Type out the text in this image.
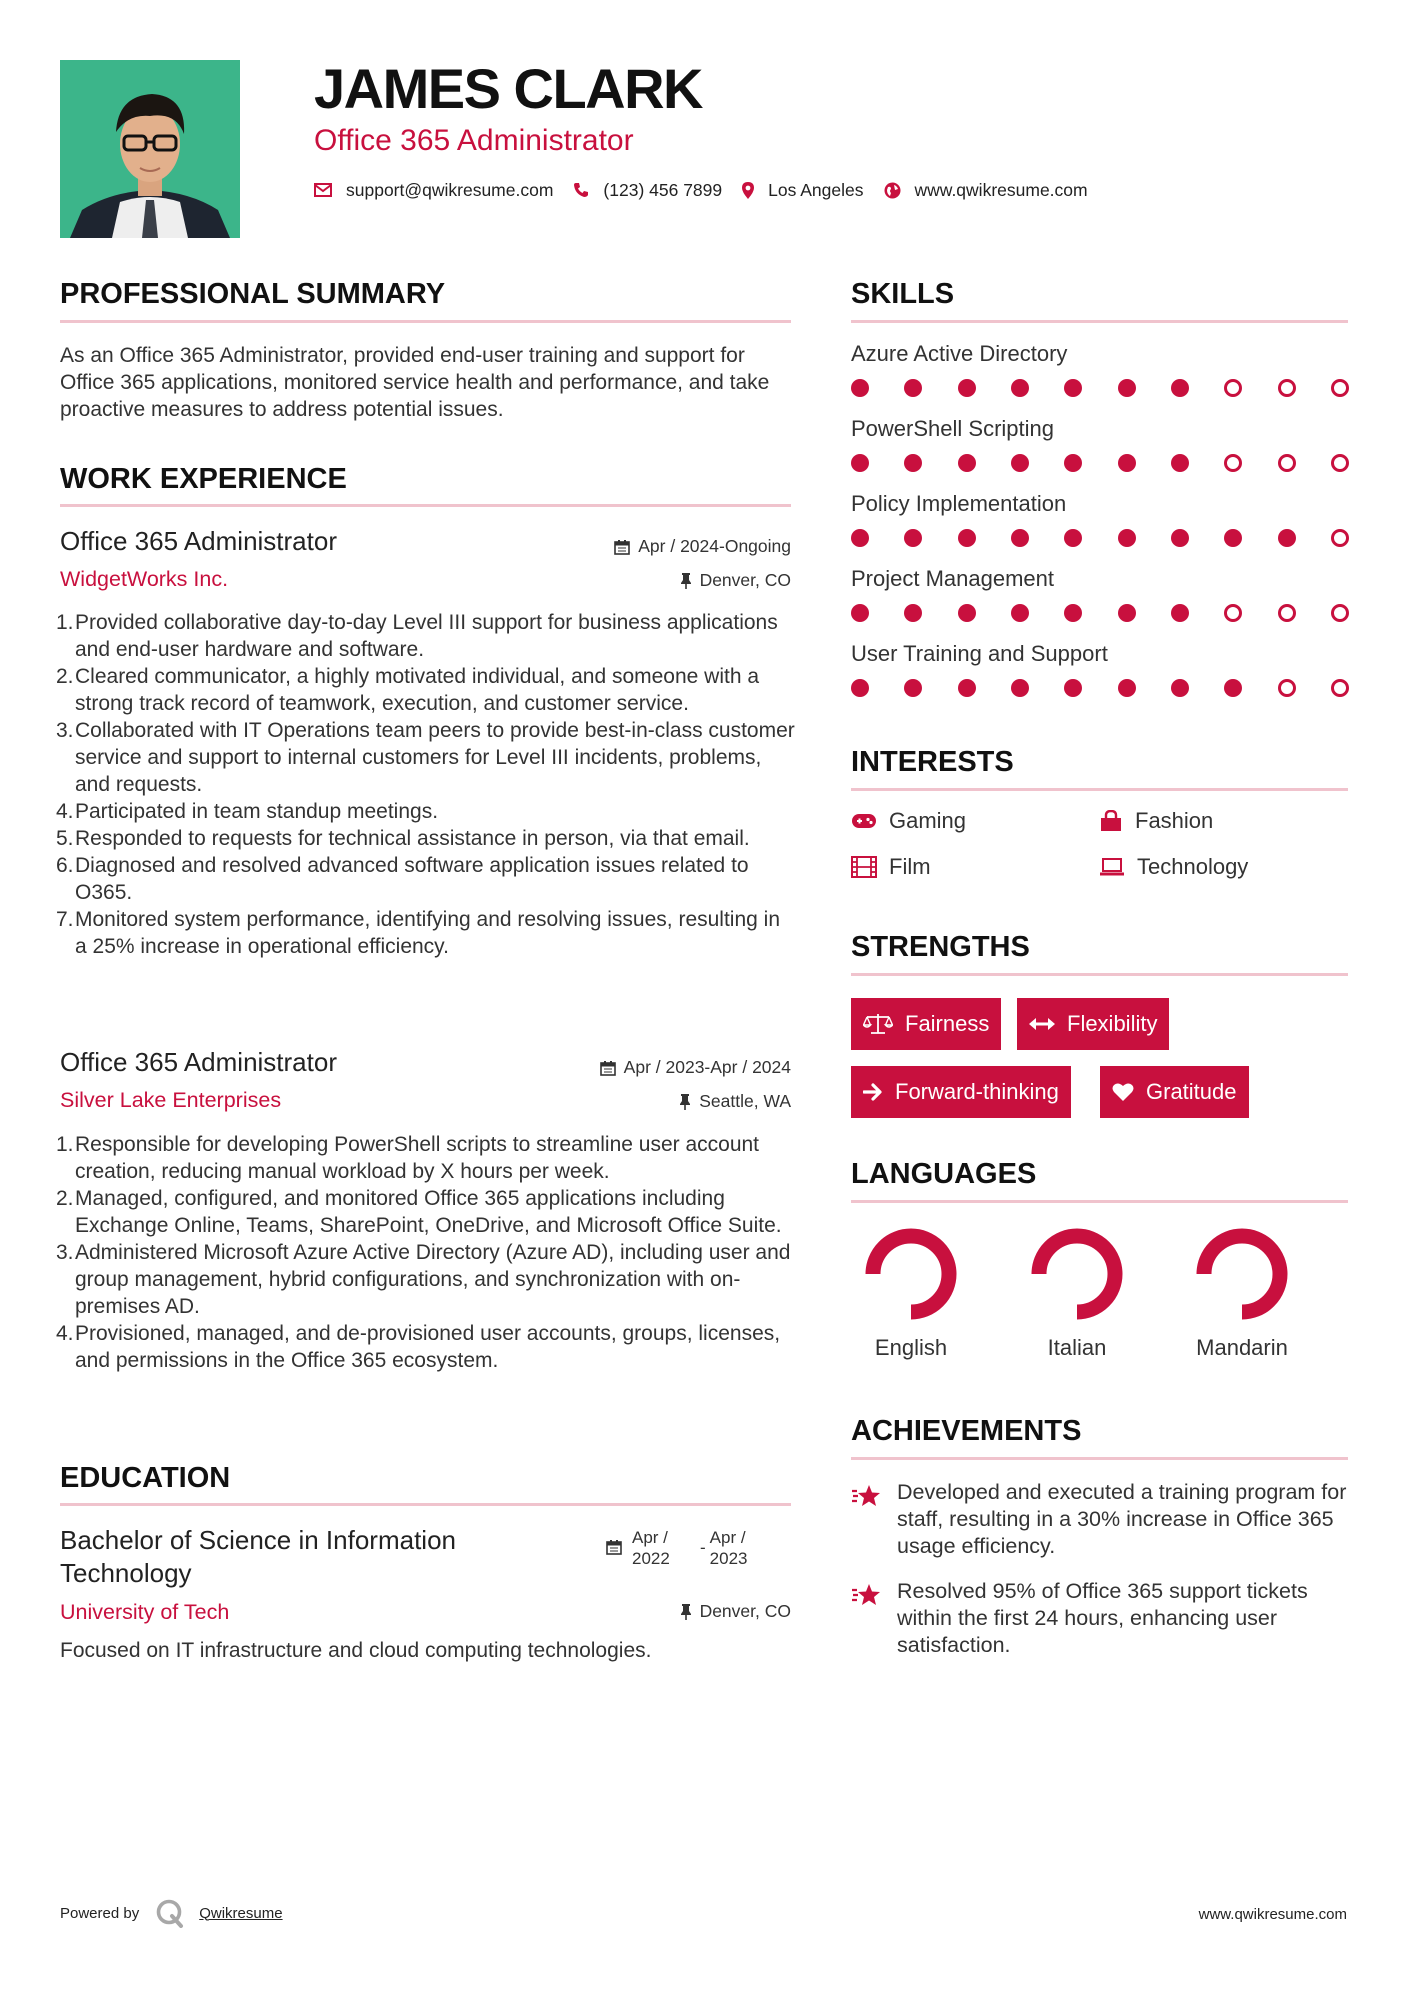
JAMES CLARK
Office 365 Administrator
support@qwikresume.com	(123) 456 7899	Los Angeles	www.qwikresume.com
PROFESSIONAL SUMMARY
As an Office 365 Administrator, provided end-user training and support for Office 365 applications, monitored service health and performance, and take proactive measures to address potential issues.
WORK EXPERIENCE
Office 365 Administrator	Apr / 2024-Ongoing
WidgetWorks Inc.	Denver, CO
1. Provided collaborative day-to-day Level III support for business applications and end-user hardware and software.
2. Cleared communicator, a highly motivated individual, and someone with a strong track record of teamwork, execution, and customer service.
3. Collaborated with IT Operations team peers to provide best-in-class customer service and support to internal customers for Level III incidents, problems, and requests.
4. Participated in team standup meetings.
5. Responded to requests for technical assistance in person, via that email.
6. Diagnosed and resolved advanced software application issues related to O365.
7. Monitored system performance, identifying and resolving issues, resulting in a 25% increase in operational efficiency.
Office 365 Administrator	Apr / 2023-Apr / 2024
Silver Lake Enterprises	Seattle, WA
1. Responsible for developing PowerShell scripts to streamline user account creation, reducing manual workload by X hours per week.
2. Managed, configured, and monitored Office 365 applications including Exchange Online, Teams, SharePoint, OneDrive, and Microsoft Office Suite.
3. Administered Microsoft Azure Active Directory (Azure AD), including user and group management, hybrid configurations, and synchronization with on-premises AD.
4. Provisioned, managed, and de-provisioned user accounts, groups, licenses, and permissions in the Office 365 ecosystem.
EDUCATION
Bachelor of Science in Information Technology
Apr / 2022
-
Apr / 2023
University of Tech	Denver, CO
Focused on IT infrastructure and cloud computing technologies.
SKILLS
Azure Active Directory
PowerShell Scripting
Policy Implementation
Project Management
User Training and Support
INTERESTS
Gaming	Fashion
Film	Technology
STRENGTHS
Fairness	Flexibility
Forward-thinking	Gratitude
LANGUAGES
English	Italian	Mandarin
ACHIEVEMENTS
Developed and executed a training program for staff, resulting in a 30% increase in Office 365 usage efficiency.
Resolved 95% of Office 365 support tickets within the first 24 hours, enhancing user satisfaction.
Powered by	Qwikresume	www.qwikresume.com
